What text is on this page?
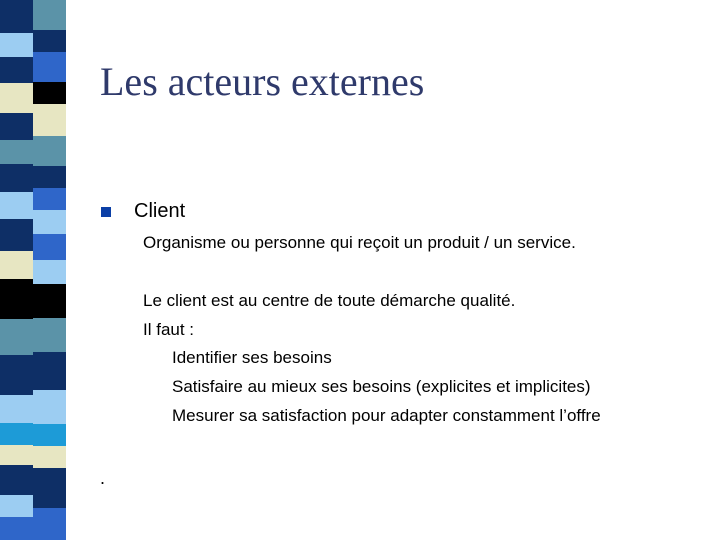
Les acteurs externes
Client
Organisme ou personne qui reçoit un produit / un service.
Le client est au centre de toute démarche qualité.
Il faut :
Identifier ses besoins
Satisfaire au mieux ses besoins (explicites et implicites)
Mesurer sa satisfaction pour adapter constamment l’offre
.
